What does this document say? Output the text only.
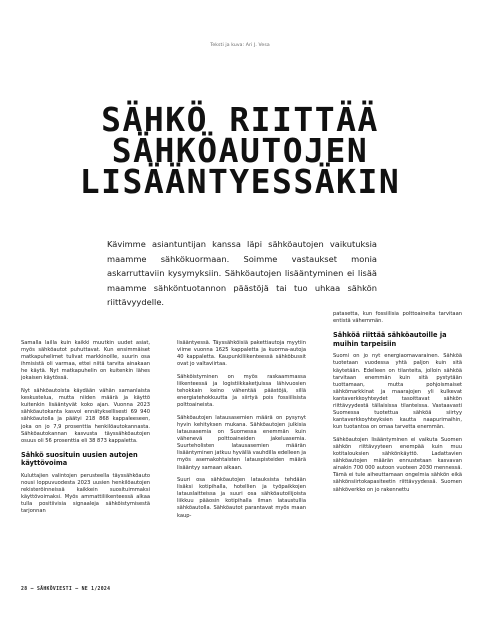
Teksti ja kuva: Ari J. Vesa
SÄHKÖ RIITTÄÄ
SÄHKÖAUTOJEN
LISÄÄNTYESSÄKIN
Kävimme asiantuntijan kanssa läpi sähköautojen vaikutuksia maamme sähkökuormaan. Soimme vastaukset monia askarruttaviin kysymyksiin. Sähköautojen lisääntyminen ei lisää maamme sähköntuotannon päästöjä tai tuo uhkaa sähkön riittävyydelle.

Samalla lailla kuin kaikki muutkin uudet asiat, myös sähköautot puhuttavat. Kun ensimmäiset matkapuhelimet tulivat markkinoille, suurin osa ihmisistä oli varmaa, ettei niitä tarvita ainakaan he käytä. Nyt matkapuhelin on kuitenkin lähes jokaisen käytössä.

Nyt sähköautoista käydään vähän samanlaista keskustelua, mutta niiden määrä ja käyttö kuitenkin lisääntyvät koko ajan. Vuonna 2023 sähköautokanta kasvoi ennätyksellisesti 69 940 sähköautolla ja päätyi 218 868 kappaleeseen, joka on jo 7,9 prosenttia henkilöautokannasta. Sähköautokannan kasvusta täyssähköautojen osuus oli 56 prosenttia eli 38 873 kappaletta.

Sähkö suosituin uusien autojen käyttövoima

Kuluttajien valintojen perusteella täyssähköauto nousi loppuvuodesta 2023 uusien henkilöautojen rekisteröinneissä kaikkein suosituimmaksi käyttövoimaksi. Myös ammattiliikenteessä alkaa tulla positiivisia signaaleja sähköistymisestä tarjonnan

lisääntyessä. Täyssähköisiä pakettiautoja myytiin viime vuonna 1625 kappaletta ja kuorma-autoja 40 kappaletta. Kaupunkiliikenteessä sähköbussit ovat jo valtaviirtaa.

Sähköistyminen on myös raskaammassa liikenteessä ja logistiikkaketjuissa lähivuosien tehokkain keino vähentää päästöjä, sillä energiatehokkuutta ja siirtyä pois fossiilisista polttoaineista.

Sähköautojen latausasemien määrä on pysynyt hyvin kehityksen mukana. Sähköautojen julkisia latausasemia on Suomessa enemmän kuin vähenevä polttoaineiden jakeluasemia. Suurteholisten latausasemien määrän lisääntyminen jatkuu hyvällä vauhdilla edelleen ja myös asemakohtaisten latauspisteiden määrä lisääntyy samaan aikaan.

Suuri osa sähköautojen latauksista tehdään lisäksi kotipihalla, hotellien ja työpaikkojen latauslaitteissa ja suuri osa sähköautoilijoista liikkuu pääosin kotipihalla ilman lataustullia sähköautolla. Sähköautot parantavat myös maan kaup-

patasetta, kun fossiilisia polttoaineita tarvitaan entistä vähemmän.

Sähköä riittää sähköautoille ja muihin tarpeisiin

Suomi on jo nyt energiaomavarainen. Sähköä tuotetaan vuodessa yhtä paljon kuin sitä käytetään. Edelleen on tilanteita, jolloin sähköä tarvitaan enemmän kuin sitä pystytään tuottamaan, mutta pohjoismaiset sähkömarkkinat ja maarajojen yli kulkevat kantaverkkoyhteydet tasoittavat sähkön riittävyydestä tällaisissa tilanteissa. Vastaavasti Suomessa tuotettua sähköä siirtyy kantaverkkoyhteyksien kautta naapurimaihin, kun tuotantoa on omaa tarvetta enemmän.

Sähköautojen lisääntyminen ei vaikuta Suomen sähkön riittävyyteen enempää kuin muu kotitalouksien sähkönkäyttö. Ladattavien sähköautojen määrän ennustetaan kasvavan ainakin 700 000 autoon vuoteen 2030 mennessä. Tämä ei tule aiheuttamaan ongelmia sähkön eikä sähkönsiirtokapasiteetin riittävyydessä. Suomen sähköverkko on jo rakennettu

28 – SÄHKÖVIESTI – NE 1/2024
